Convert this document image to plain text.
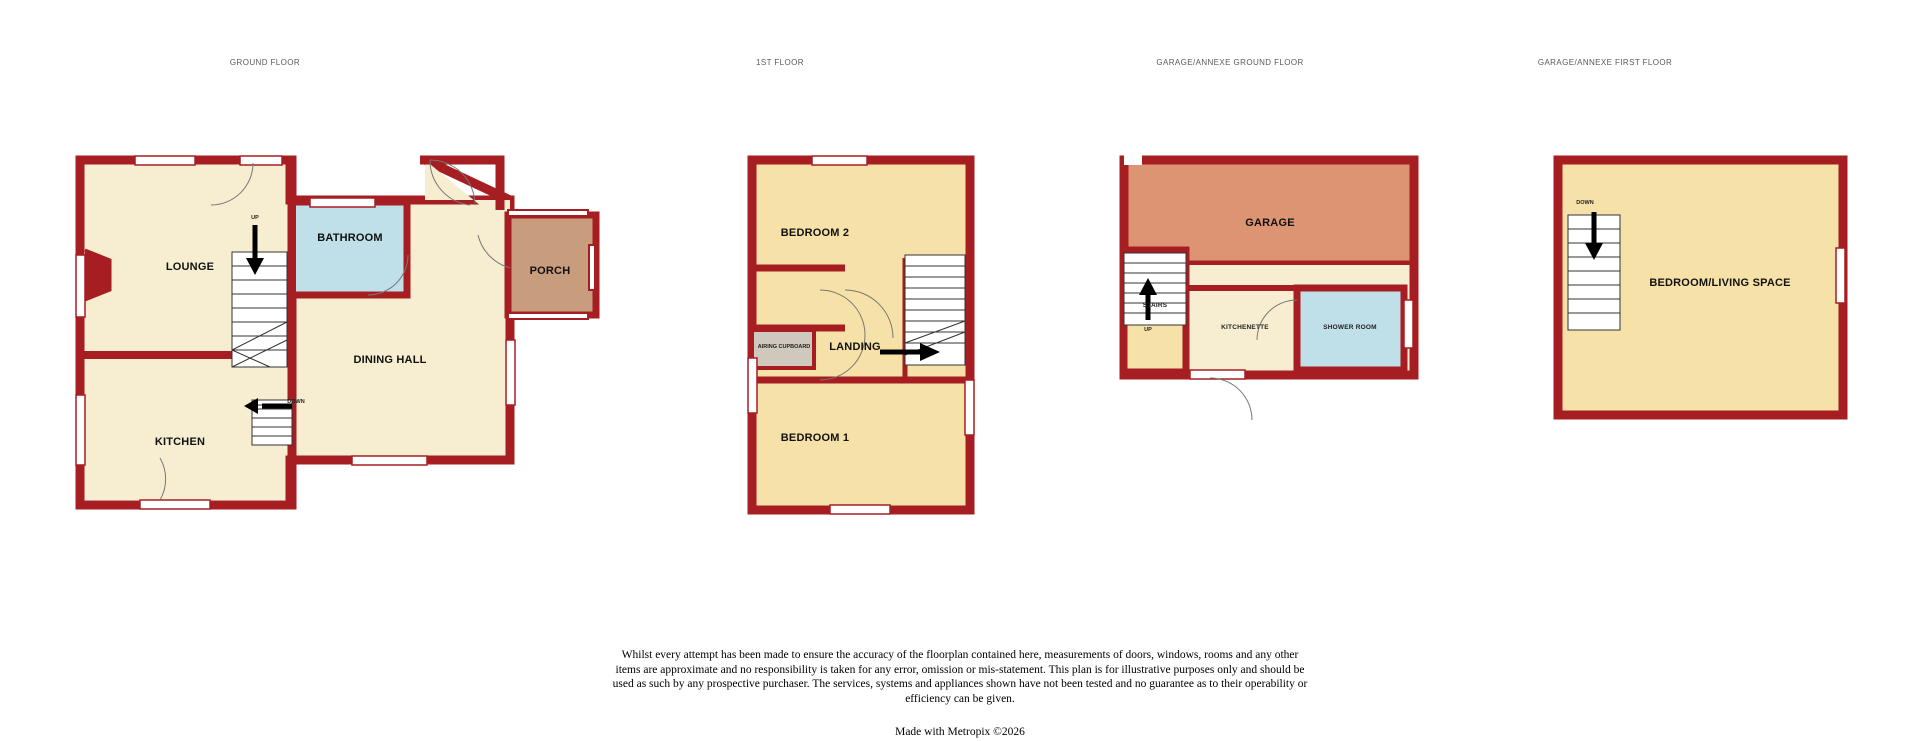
GROUND FLOOR	1ST FLOOR	GARAGE/ANNEXE GROUND FLOOR	GARAGE/ANNEXE FIRST FLOOR
LOUNGE
BATHROOM
PORCH
DINING HALL
KITCHEN
UP
DOWN
BEDROOM 2
BEDROOM 1
LANDING
AIRING CUPBOARD
GARAGE
STAIRS
KITCHENETTE	SHOWER ROOM
UP
BEDROOM/LIVING SPACE
DOWN
Whilst every attempt has been made to ensure the accuracy of the floorplan contained here, measurements of doors, windows, rooms and any other items are approximate and no responsibility is taken for any error, omission or mis-statement. This plan is for illustrative purposes only and should be used as such by any prospective purchaser. The services, systems and appliances shown have not been tested and no guarantee as to their operability or efficiency can be given.
Made with Metropix ©2026
